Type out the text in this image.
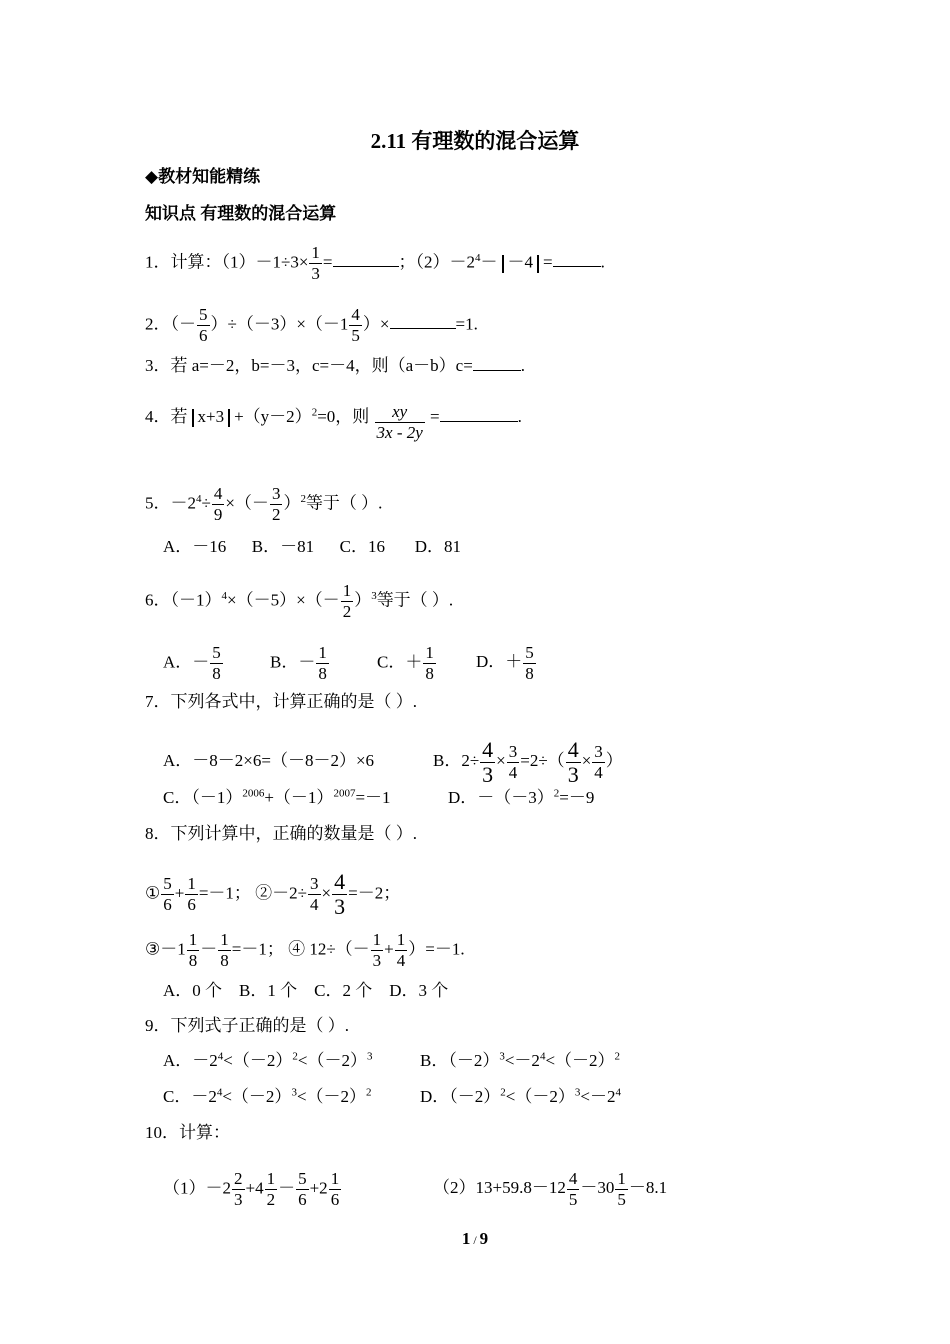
2.11 有理数的混合运算
◆教材知能精练
知识点 有理数的混合运算
1．计算：$(1)-1\div 3\times \frac{1}{3}$ =	；$(2)-2^4- -4$ =	.
2．（－ $\frac{5}{6} )\div(-3)\times(-1 \frac{4}{5}$ ）×	=1.
3．若 a=－2，b=－3，c=－4，则（a－b）c=	.
4．若 $x+3 +(y-2)^2=0$，则 $\frac{xy}{3x - 2y}$ =	.
5．$-2^4\div \frac{4}{9}$ ×（－ $\frac{3}{2} )^2$等于（ ）.
A．－16      B．－81      C．16       D．81
6．$(-1)^4\times(-5)\times(- \frac{1}{2} )^3$等于（ ）.
A．－ $\frac{5}{8}$	B．－ $\frac{1}{8}$	C．＋ $\frac{1}{8}$ D．＋ $\frac{5}{8}$
7．下列各式中，计算正确的是（ ）.
A．－8－2×6=（－8－2）×6	B．$2\div \frac{4}{3} \times \frac{3}{4} =2\div( \frac{4}{3} \times \frac{3}{4}$ ）
C．$(-1)^{2006}+(-1)^{2007}=-1$	D．$-(-3)^2=-9$
8．下列计算中，正确的数量是（ ）.
① $\frac{5}{6} + \frac{1}{6} =-1$； ②－2÷ $\frac{3}{4} \times \frac{4}{3} =-2$；
③－1 $\frac{1}{8} - \frac{1}{8} =-1$； ④ $12\div(- \frac{1}{3} + \frac{1}{4} )=-1$.
A．0 个    B．1 个    C．2 个    D．3 个
9．下列式子正确的是（ ）.
A．$-2^4<(-2)^2<(-2)^3$	B．$(-2)^3<-2^4<(-2)^2$
C．$-2^4<(-2)^3<(-2)^2$	D．$(-2)^2<(-2)^3<-2^4$
10．计算：
$(1)-2 \frac{2}{3} +4 \frac{1}{2} - \frac{5}{6} +2 \frac{1}{6}$	$(2)13+59.8-12 \frac{4}{5} -30 \frac{1}{5} -8.1$
1 / 9
